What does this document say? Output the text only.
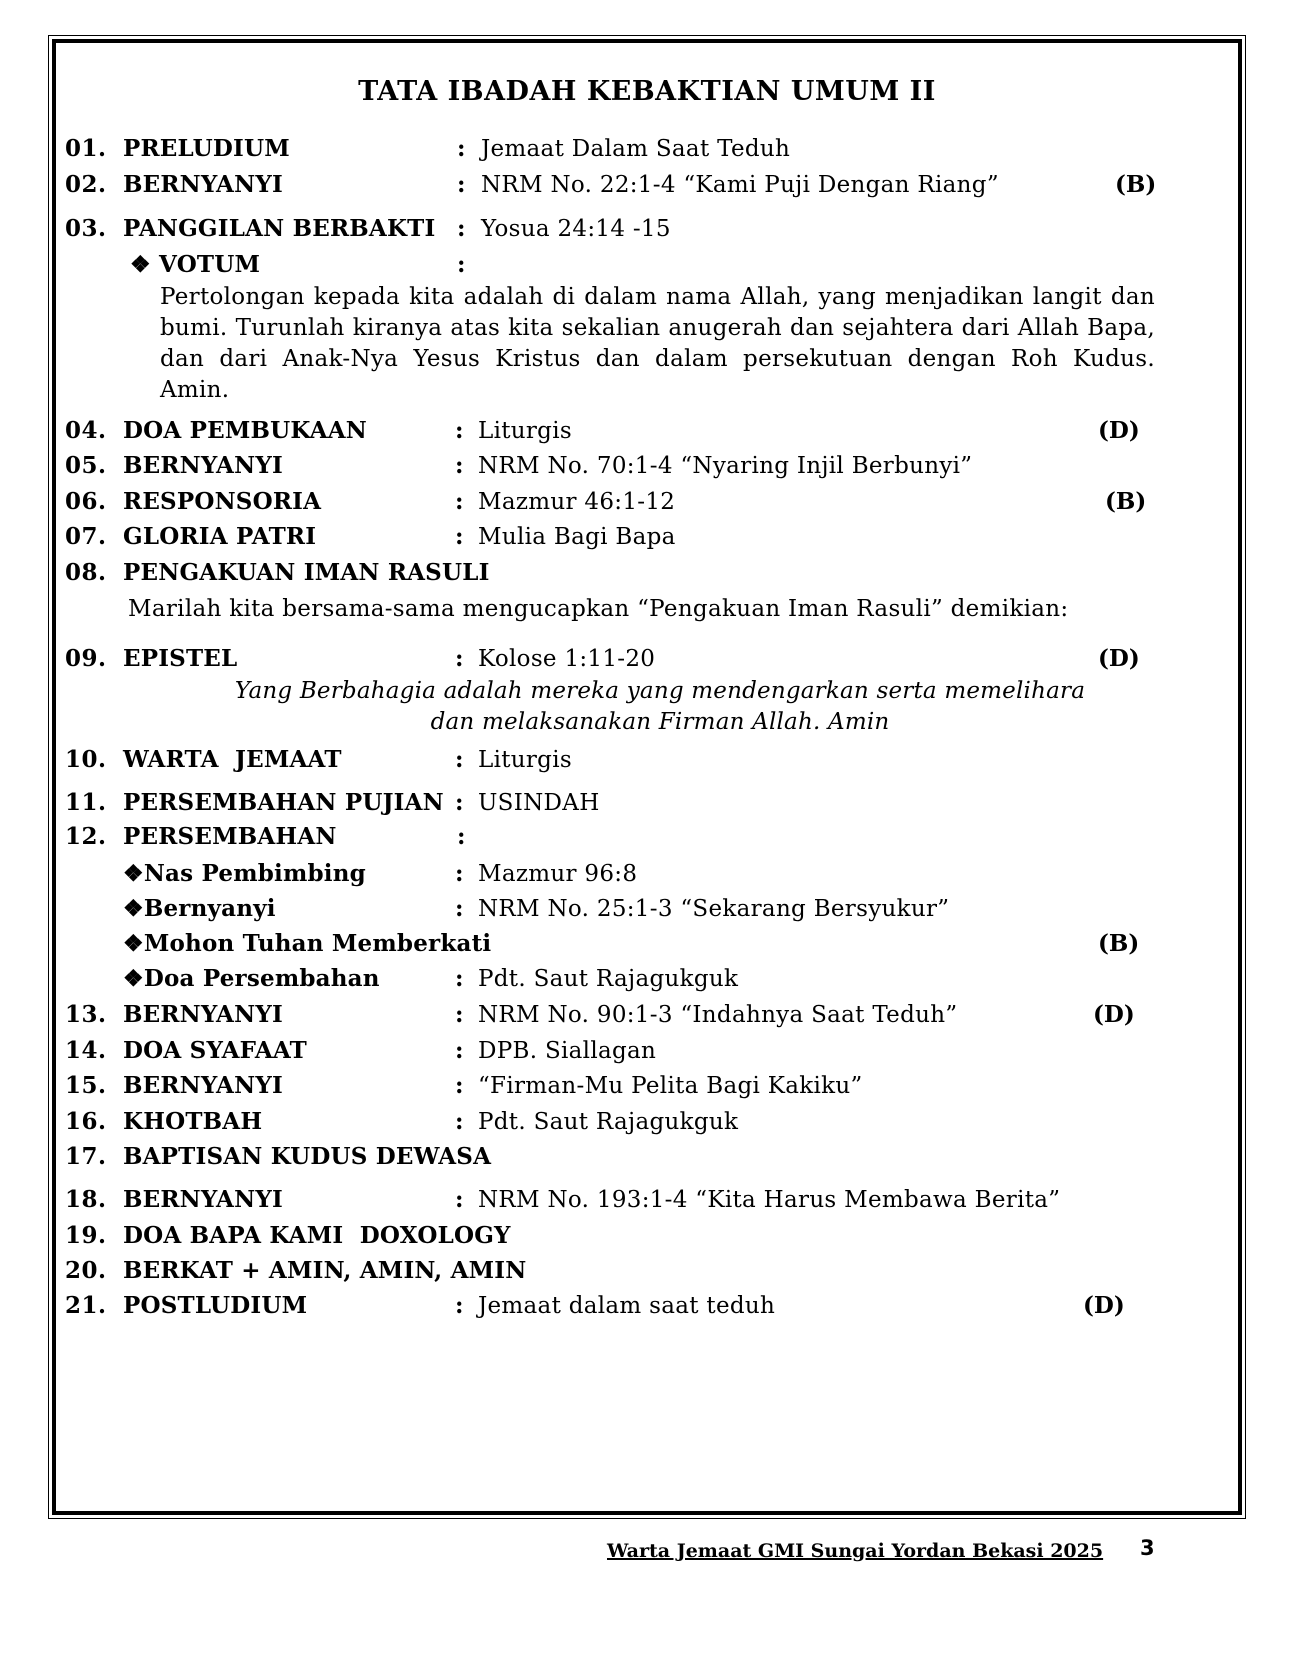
TATA IBADAH KEBAKTIAN UMUM II
01. PRELUDIUM	: Jemaat Dalam Saat Teduh
02. BERNYANYI	: NRM No. 22:1-4 “Kami Puji Dengan Riang”	(B)
03. PANGGILAN BERBAKTI : Yosua 24:14 -15
❖ VOTUM	:
Pertolongan kepada kita adalah di dalam nama Allah, yang menjadikan langit dan bumi. Turunlah kiranya atas kita sekalian anugerah dan sejahtera dari Allah Bapa, dan dari Anak-Nya Yesus Kristus dan dalam persekutuan dengan Roh Kudus. Amin.
04. DOA PEMBUKAAN	: Liturgis	(D)
05. BERNYANYI	: NRM No. 70:1-4 “Nyaring Injil Berbunyi”
06. RESPONSORIA	: Mazmur 46:1-12	(B)
07. GLORIA PATRI	: Mulia Bagi Bapa
08. PENGAKUAN IMAN RASULI
Marilah kita bersama-sama mengucapkan “Pengakuan Iman Rasuli” demikian:
09. EPISTEL	: Kolose 1:11-20	(D)
Yang Berbahagia adalah mereka yang mendengarkan serta memelihara
dan melaksanakan Firman Allah. Amin
10. WARTA  JEMAAT	: Liturgis
11. PERSEMBAHAN PUJIAN : USINDAH
12. PERSEMBAHAN	:
❖Nas Pembimbing	: Mazmur 96:8
❖Bernyanyi	: NRM No. 25:1-3 “Sekarang Bersyukur”
❖Mohon Tuhan Memberkati	(B)
❖Doa Persembahan	: Pdt. Saut Rajagukguk
13. BERNYANYI	: NRM No. 90:1-3 “Indahnya Saat Teduh”	(D)
14. DOA SYAFAAT	: DPB. Siallagan
15. BERNYANYI	: “Firman-Mu Pelita Bagi Kakiku”
16. KHOTBAH	: Pdt. Saut Rajagukguk
17. BAPTISAN KUDUS DEWASA
18. BERNYANYI	: NRM No. 193:1-4 “Kita Harus Membawa Berita”
19. DOA BAPA KAMI  DOXOLOGY
20. BERKAT + AMIN, AMIN, AMIN
21. POSTLUDIUM	: Jemaat dalam saat teduh	(D)
Warta Jemaat GMI Sungai Yordan Bekasi 2025 3
